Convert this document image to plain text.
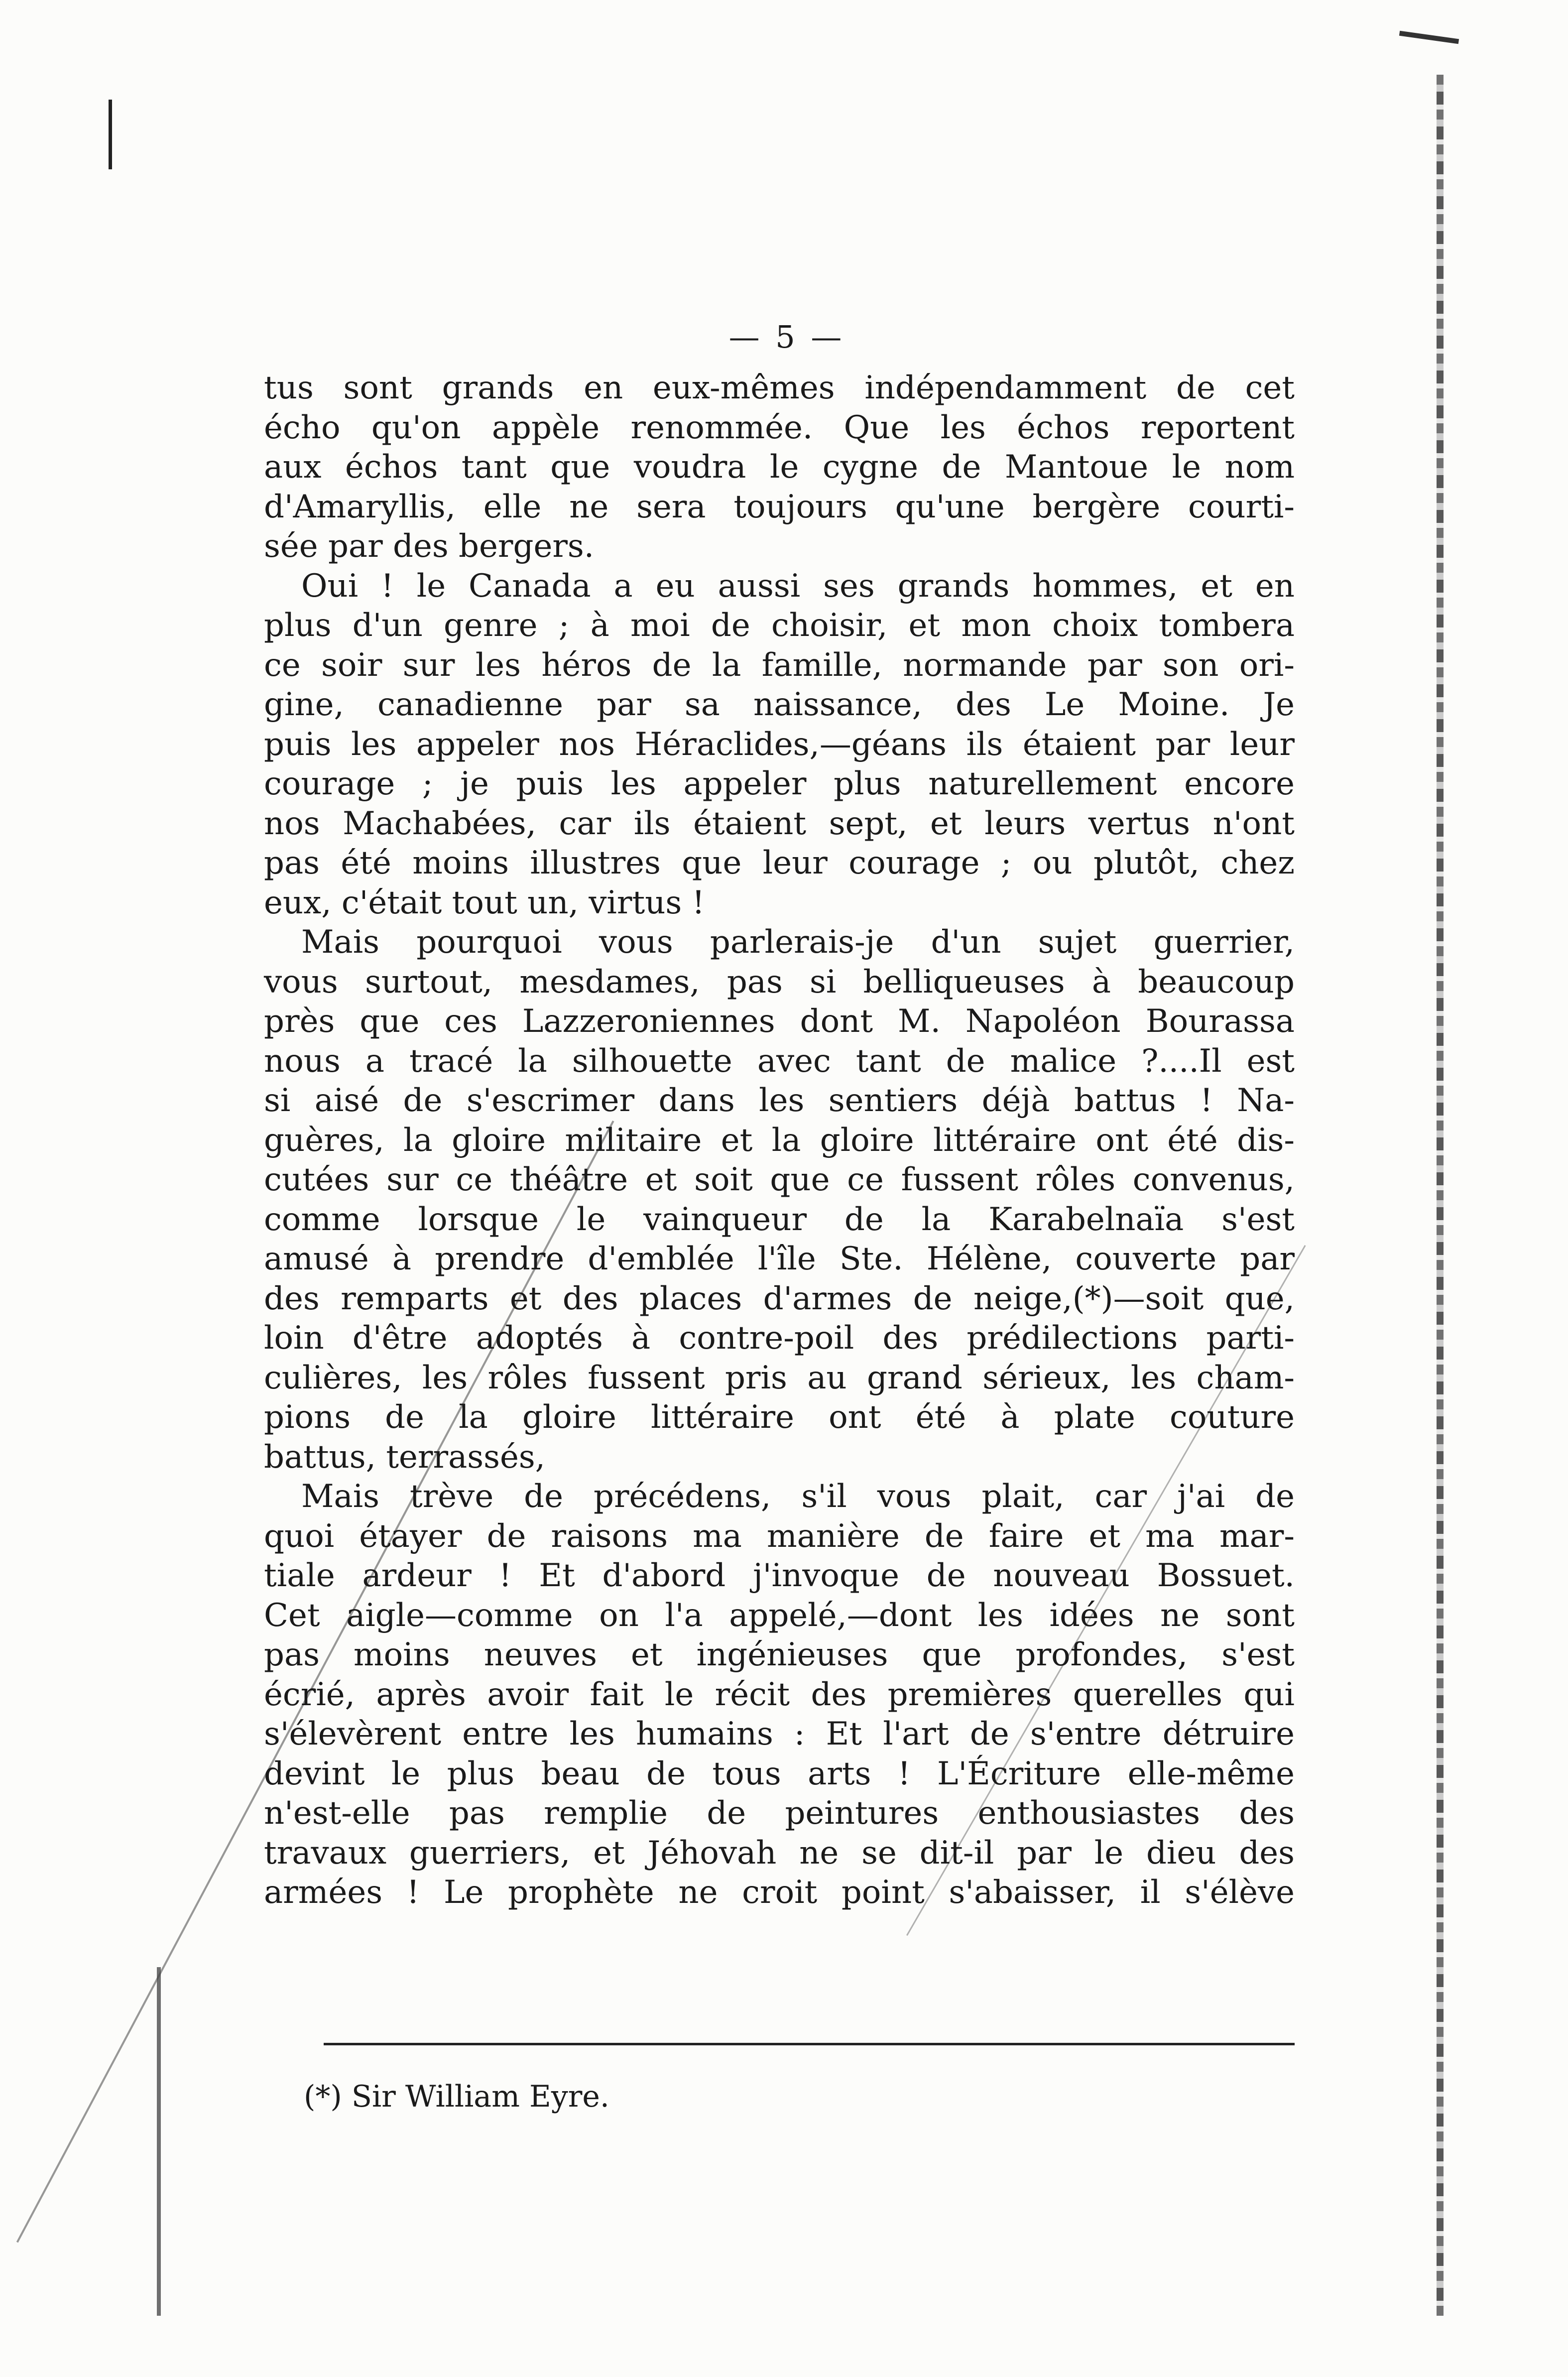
— 5 —
tus sont grands en eux-mêmes indépendamment de cet
écho qu'on appèle renommée. Que les échos reportent
aux échos tant que voudra le cygne de Mantoue le nom
d'Amaryllis, elle ne sera toujours qu'une bergère courti-
sée par des bergers.
Oui ! le Canada a eu aussi ses grands hommes, et en
plus d'un genre ; à moi de choisir, et mon choix tombera
ce soir sur les héros de la famille, normande par son ori-
gine, canadienne par sa naissance, des Le Moine. Je
puis les appeler nos Héraclides,—géans ils étaient par leur
courage ; je puis les appeler plus naturellement encore
nos Machabées, car ils étaient sept, et leurs vertus n'ont
pas été moins illustres que leur courage ; ou plutôt, chez
eux, c'était tout un, virtus !
Mais pourquoi vous parlerais-je d'un sujet guerrier,
vous surtout, mesdames, pas si belliqueuses à beaucoup
près que ces Lazzeroniennes dont M. Napoléon Bourassa
nous a tracé la silhouette avec tant de malice ?....Il est
si aisé de s'escrimer dans les sentiers déjà battus ! Na-
guères, la gloire militaire et la gloire littéraire ont été dis-
cutées sur ce théâtre et soit que ce fussent rôles convenus,
comme lorsque le vainqueur de la Karabelnaïa s'est
amusé à prendre d'emblée l'île Ste. Hélène, couverte par
des remparts et des places d'armes de neige,(*)—soit que,
loin d'être adoptés à contre-poil des prédilections parti-
culières, les rôles fussent pris au grand sérieux, les cham-
pions de la gloire littéraire ont été à plate couture
battus, terrassés,
Mais trève de précédens, s'il vous plait, car j'ai de
quoi étayer de raisons ma manière de faire et ma mar-
tiale ardeur ! Et d'abord j'invoque de nouveau Bossuet.
Cet aigle—comme on l'a appelé,—dont les idées ne sont
pas moins neuves et ingénieuses que profondes, s'est
écrié, après avoir fait le récit des premières querelles qui
s'élevèrent entre les humains : Et l'art de s'entre détruire
devint le plus beau de tous arts ! L'Écriture elle-même
n'est-elle pas remplie de peintures enthousiastes des
travaux guerriers, et Jéhovah ne se dit-il par le dieu des
armées ! Le prophète ne croit point s'abaisser, il s'élève
(*) Sir William Eyre.
